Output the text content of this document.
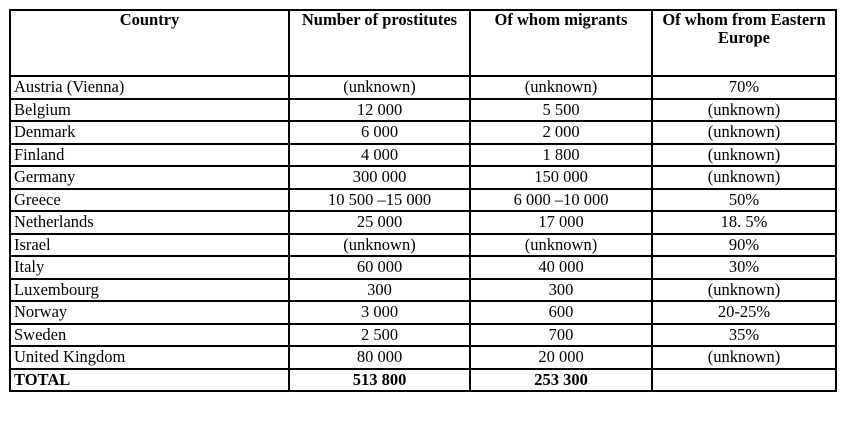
Country	Number of prostitutes	Of whom migrants	Of whom from Eastern Europe
Austria (Vienna)	(unknown)	(unknown)	70%
Belgium	12 000	5 500	(unknown)
Denmark	6 000	2 000	(unknown)
Finland	4 000	1 800	(unknown)
Germany	300 000	150 000	(unknown)
Greece	10 500 –15 000	6 000 –10 000	50%
Netherlands	25 000	17 000	18. 5%
Israel	(unknown)	(unknown)	90%
Italy	60 000	40 000	30%
Luxembourg	300	300	(unknown)
Norway	3 000	600	20-25%
Sweden	2 500	700	35%
United Kingdom	80 000	20 000	(unknown)
TOTAL	513 800	253 300	
